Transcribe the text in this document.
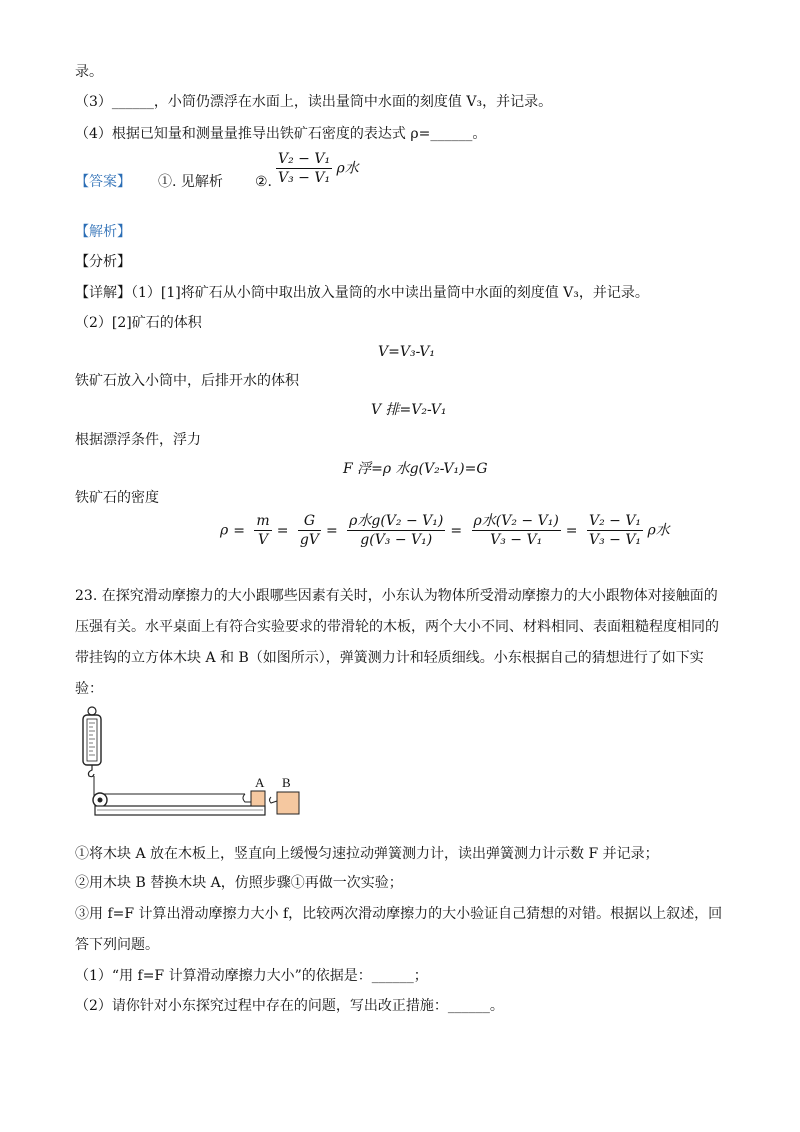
录。
（3）______，小筒仍漂浮在水面上，读出量筒中水面的刻度值 V₃，并记录。
（4）根据已知量和测量量推导出铁矿石密度的表达式 ρ=______。
【答案】 ①. 见解析 ②. $\frac{\text{V₂ − V₁}}{\text{V₃ − V₁}}$ ρ水
【解析】
【分析】
【详解】（1）[1]将矿石从小筒中取出放入量筒的水中读出量筒中水面的刻度值 V₃，并记录。
（2）[2]矿石的体积
V=V₃-V₁
铁矿石放入小筒中，后排开水的体积
V 排=V₂-V₁
根据漂浮条件，浮力
F 浮=ρ 水g(V₂-V₁)=G
铁矿石的密度
$\rho = \frac{m}{V} = \frac{G}{gV} = \frac{\text{ρ水g(V₂ − V₁)}}{\text{g(V₃ − V₁)}} = \frac{\text{ρ水(V₂ − V₁)}}{\text{V₃ − V₁}} = \frac{\text{V₂ − V₁}}{\text{V₃ − V₁}}$ ρ水
23. 在探究滑动摩擦力的大小跟哪些因素有关时，小东认为物体所受滑动摩擦力的大小跟物体对接触面的
压强有关。水平桌面上有符合实验要求的带滑轮的木板，两个大小不同、材料相同、表面粗糙程度相同的
带挂钩的立方体木块 A 和 B（如图所示），弹簧测力计和轻质细线。小东根据自己的猜想进行了如下实
验：
A B
①将木块 A 放在木板上，竖直向上缓慢匀速拉动弹簧测力计，读出弹簧测力计示数 F 并记录；
②用木块 B 替换木块 A，仿照步骤①再做一次实验；
③用 f=F 计算出滑动摩擦力大小 f，比较两次滑动摩擦力的大小验证自己猜想的对错。根据以上叙述，回
答下列问题。
（1）“用 f=F 计算滑动摩擦力大小”的依据是：______；
（2）请你针对小东探究过程中存在的问题，写出改正措施：______。
